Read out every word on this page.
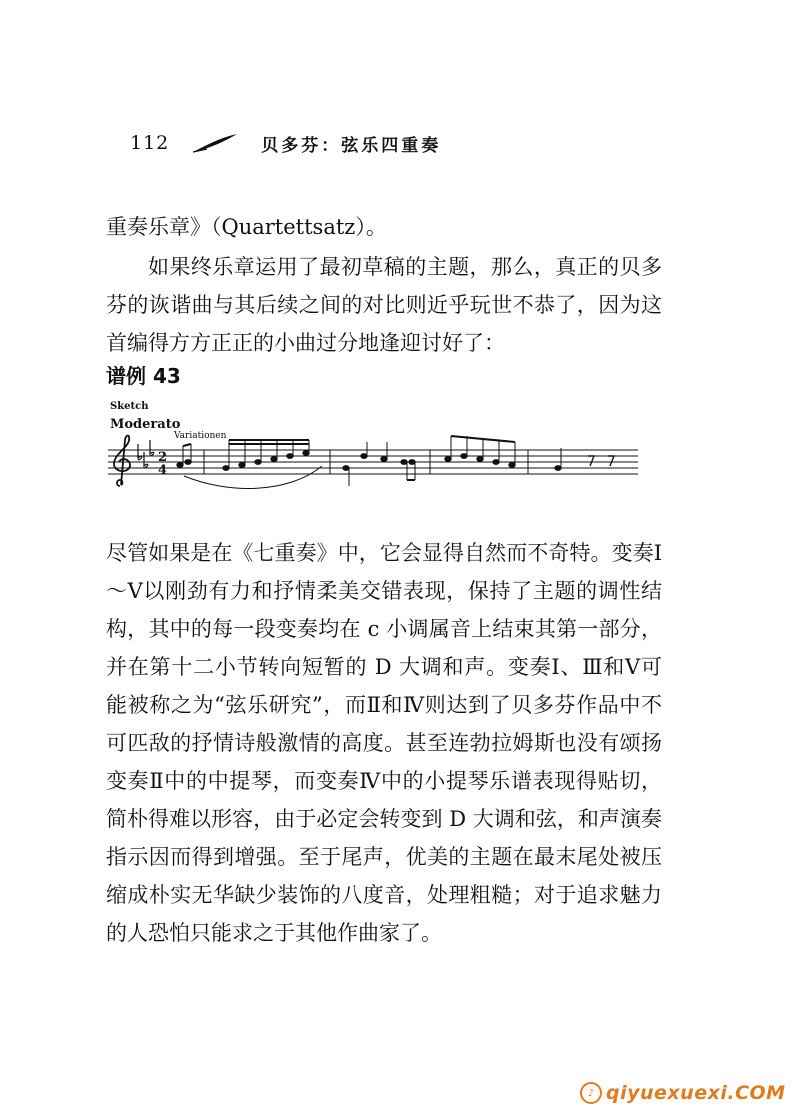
112	贝多芬：弦乐四重奏

重奏乐章》（Quartettsatz）。

如果终乐章运用了最初草稿的主题，那么，真正的贝多芬的诙谐曲与其后续之间的对比则近乎玩世不恭了，因为这首编得方方正正的小曲过分地逢迎讨好了：

谱例 43
Sketch
Moderato
Variationen
2
4

尽管如果是在《七重奏》中，它会显得自然而不奇特。变奏Ⅰ～Ⅴ以刚劲有力和抒情柔美交错表现，保持了主题的调性结构，其中的每一段变奏均在 c 小调属音上结束其第一部分，并在第十二小节转向短暂的 D 大调和声。变奏Ⅰ、Ⅲ和Ⅴ可能被称之为“弦乐研究”，而Ⅱ和Ⅳ则达到了贝多芬作品中不可匹敌的抒情诗般激情的高度。甚至连勃拉姆斯也没有颂扬变奏Ⅱ中的中提琴，而变奏Ⅳ中的小提琴乐谱表现得贴切，简朴得难以形容，由于必定会转变到 D 大调和弦，和声演奏指示因而得到增强。至于尾声，优美的主题在最末尾处被压缩成朴实无华缺少装饰的八度音，处理粗糙；对于追求魅力的人恐怕只能求之于其他作曲家了。

♪ qiyuexuexi.COM
